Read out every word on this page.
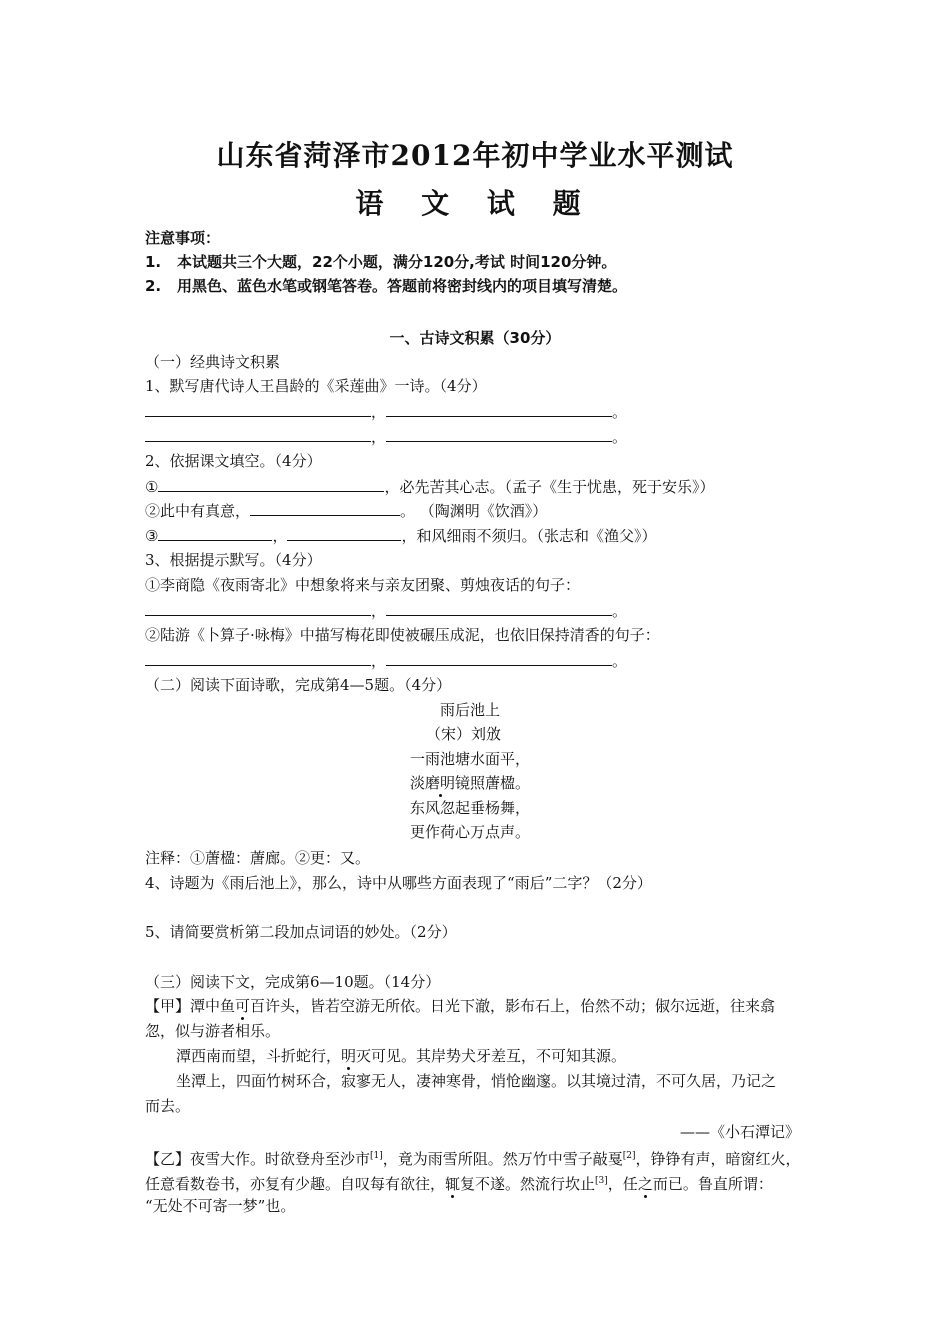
山东省菏泽市2012年初中学业水平测试
语 文 试 题
注意事项：
1. 本试题共三个大题，22个小题，满分120分,考试 时间120分钟。
2. 用黑色、蓝色水笔或钢笔答卷。答题前将密封线内的项目填写清楚。
一、古诗文积累（30分）
（一）经典诗文积累
1、默写唐代诗人王昌龄的《采莲曲》一诗。（4分）
，	。
，	。
2、依据课文填空。（4分）
①	，必先苦其心志。（孟子《生于忧患，死于安乐》）
②此中有真意，	。 （陶渊明《饮酒》）
③	，	，和风细雨不须归。（张志和《渔父》）
3、根据提示默写。（4分）
①李商隐《夜雨寄北》中想象将来与亲友团聚、剪烛夜话的句子：
，	。
②陆游《卜算子·咏梅》中描写梅花即使被碾压成泥，也依旧保持清香的句子：
，	。
（二）阅读下面诗歌，完成第4—5题。（4分）
雨后池上
（宋）刘攽
一雨池塘水面平，
淡磨明镜照蓎楹。
东风忽起垂杨舞，
更作荷心万点声。
注释：①蓎楹：蓎廊。②更：又。
4、诗题为《雨后池上》，那么，诗中从哪些方面表现了“雨后”二字？（2分）
5、请简要赏析第二段加点词语的妙处。（2分）
（三）阅读下文，完成第6—10题。（14分）
【甲】潭中鱼可百许头，皆若空游无所依。日光下澈，影布石上，佁然不动；俶尔远逝，往来翕
忽，似与游者相乐。
潭西南而望，斗折蛇行，明灭可见。其岸势犬牙差互，不可知其源。
坐潭上，四面竹树环合，寂寥无人，凄神寒骨，悄怆幽邃。以其境过清，不可久居，乃记之
而去。
——《小石潭记》
【乙】夜雪大作。时欲登舟至沙市[1]，竟为雨雪所阻。然万竹中雪子敲戛[2]，铮铮有声，暗窗红火，
任意看数卷书，亦复有少趣。自叹每有欲往，辄复不遂。然流行坎止[3]，任之而已。鲁直所谓：
“无处不可寄一梦”也。
